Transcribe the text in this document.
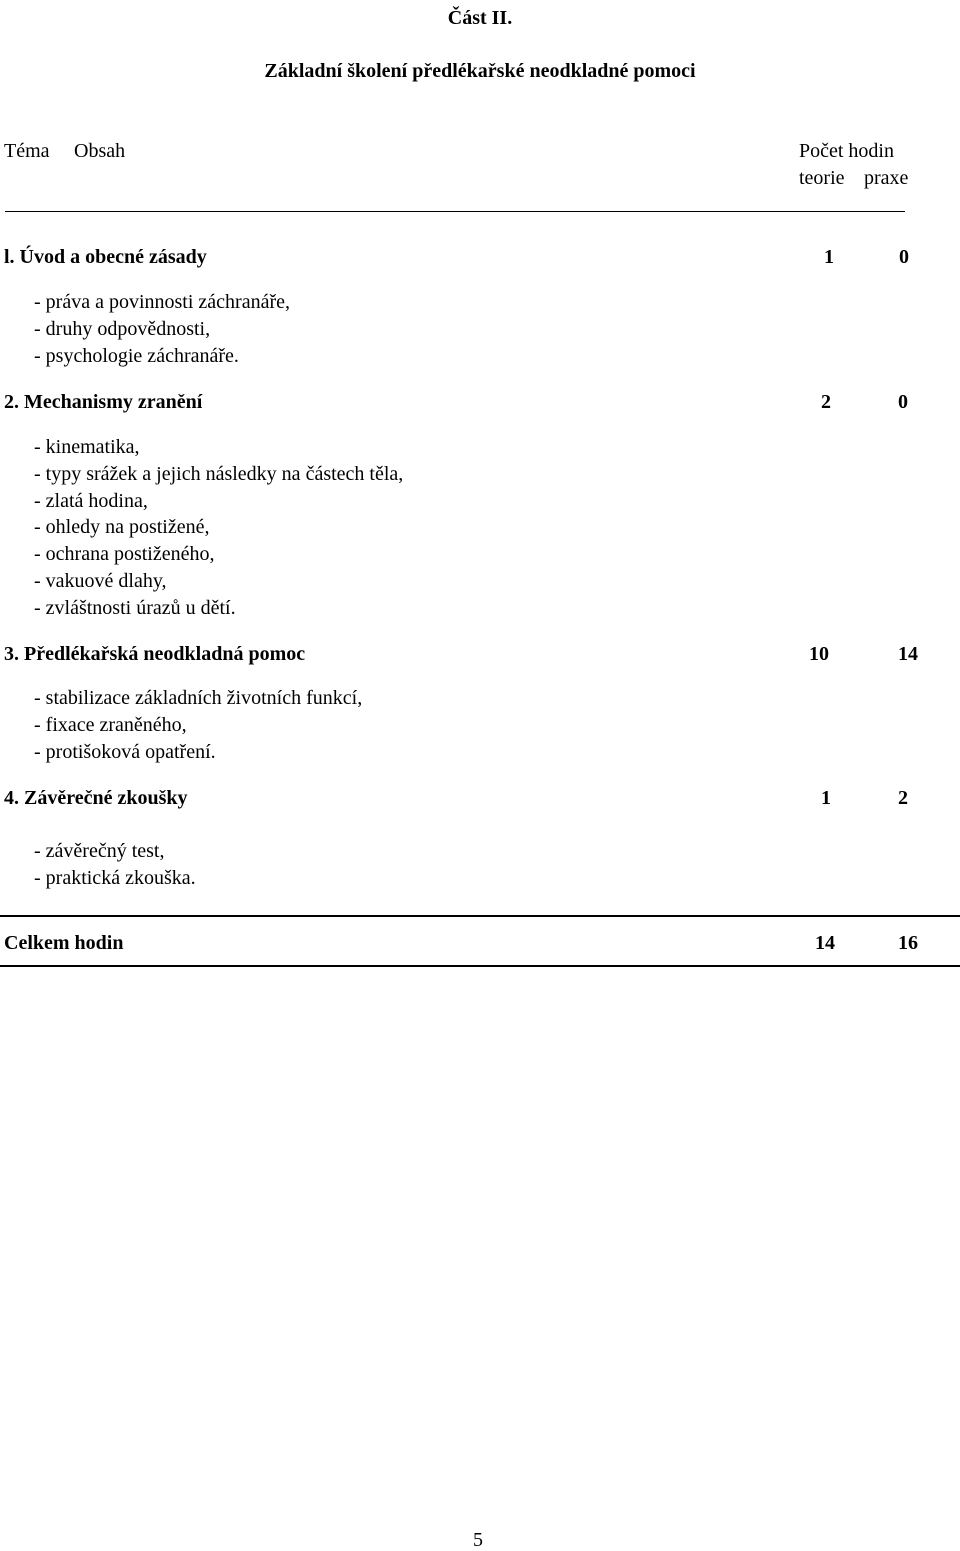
Část II.
Základní školení předlékařské neodkladné pomoci
Téma Obsah	Počet hodin
teorie praxe
l. Úvod a obecné zásady	1	0
- práva a povinnosti záchranáře,
- druhy odpovědnosti,
- psychologie záchranáře.
2. Mechanismy zranění	2	0
- kinematika,
- typy srážek a jejich následky na částech těla,
- zlatá hodina,
- ohledy na postižené,
- ochrana postiženého,
- vakuové dlahy,
- zvláštnosti úrazů u dětí.
3. Předlékařská neodkladná pomoc	10	14
- stabilizace základních životních funkcí,
- fixace zraněného,
- protišoková opatření.
4. Závěrečné zkoušky	1	2
- závěrečný test,
- praktická zkouška.
Celkem hodin	14	16
5
